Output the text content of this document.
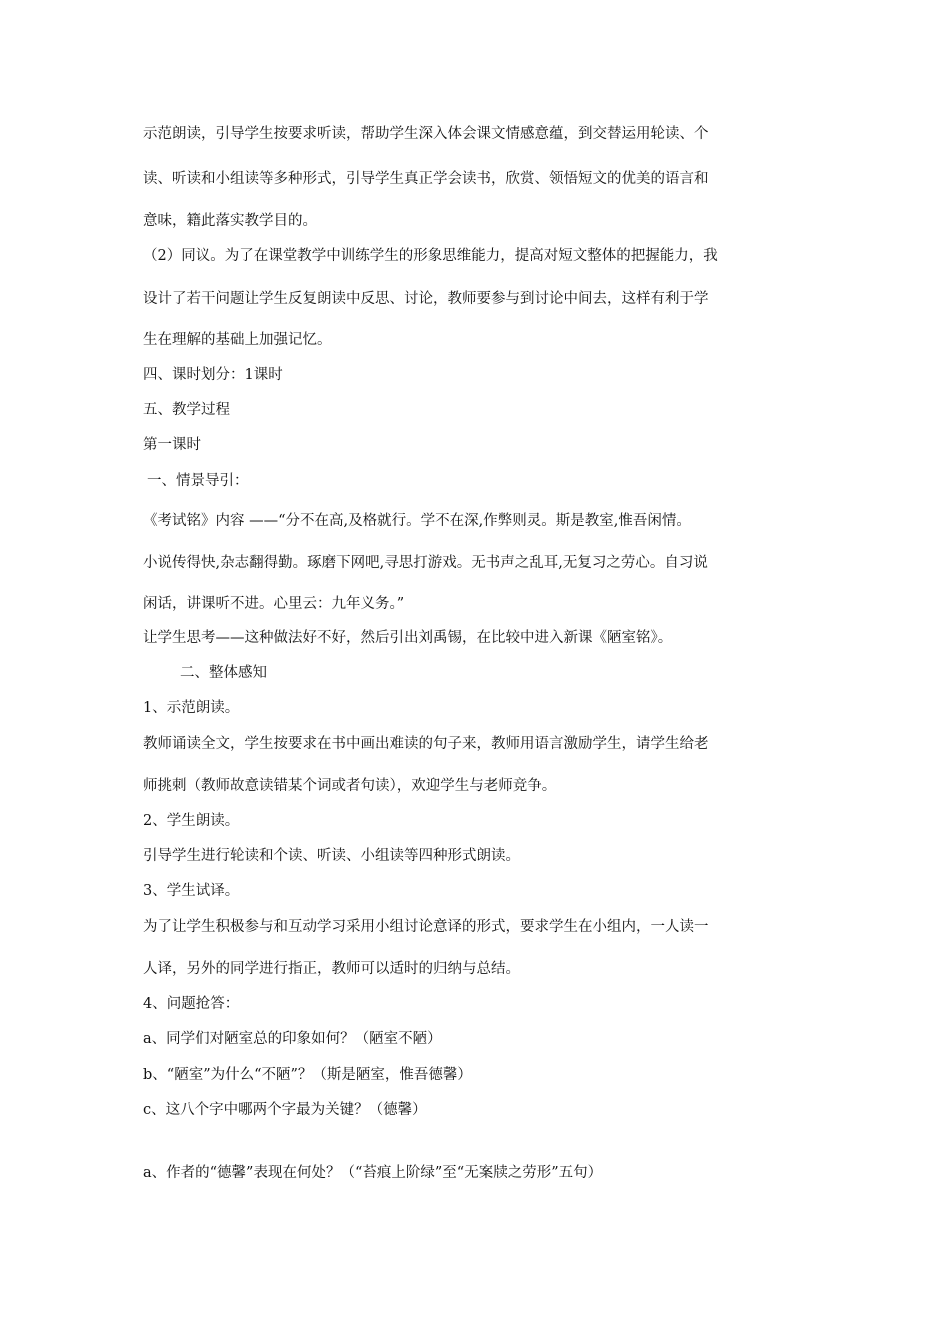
示范朗读，引导学生按要求听读，帮助学生深入体会课文情感意蕴，到交替运用轮读、个
读、听读和小组读等多种形式，引导学生真正学会读书，欣赏、领悟短文的优美的语言和
意味，籍此落实教学目的。
（2）同议。为了在课堂教学中训练学生的形象思维能力，提高对短文整体的把握能力，我
设计了若干问题让学生反复朗读中反思、讨论，教师要参与到讨论中间去，这样有利于学
生在理解的基础上加强记忆。
四、课时划分：1课时
五、教学过程
第一课时
一、情景导引：
《考试铭》内容 ——“分不在高,及格就行。学不在深,作弊则灵。斯是教室,惟吾闲情。
小说传得快,杂志翻得勤。琢磨下网吧,寻思打游戏。无书声之乱耳,无复习之劳心。自习说
闲话，讲课听不进。心里云：九年义务。”
让学生思考——这种做法好不好，然后引出刘禹锡，在比较中进入新课《陋室铭》。
二、整体感知
1、示范朗读。
教师诵读全文，学生按要求在书中画出难读的句子来，教师用语言激励学生，请学生给老
师挑刺（教师故意读错某个词或者句读），欢迎学生与老师竞争。
2、学生朗读。
引导学生进行轮读和个读、听读、小组读等四种形式朗读。
3、学生试译。
为了让学生积极参与和互动学习采用小组讨论意译的形式，要求学生在小组内，一人读一
人译，另外的同学进行指正，教师可以适时的归纳与总结。
4、问题抢答：
a、同学们对陋室总的印象如何？（陋室不陋）
b、“陋室”为什么“不陋”？（斯是陋室，惟吾德馨）
c、这八个字中哪两个字最为关键？（德馨）
a、作者的“德馨”表现在何处？（“苔痕上阶绿”至“无案牍之劳形”五句）
